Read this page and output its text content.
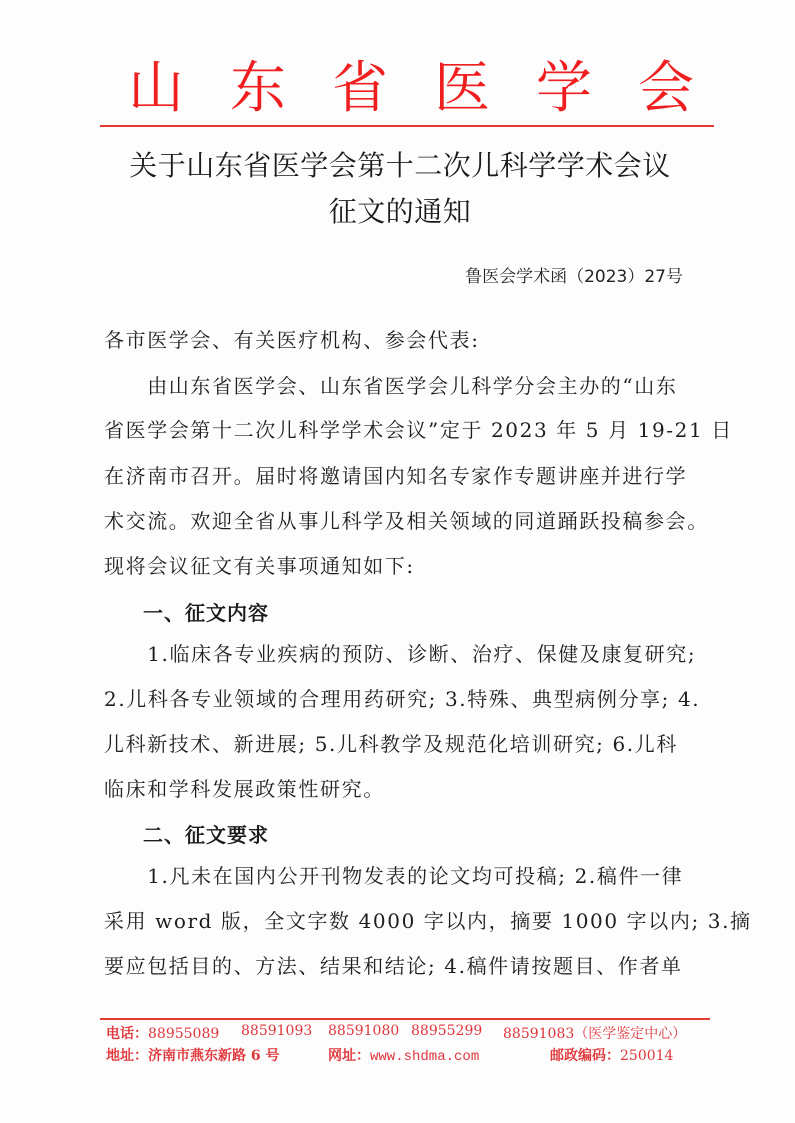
山 东 省 医 学 会
关于山东省医学会第十二次儿科学学术会议
征文的通知
鲁医会学术函（2023）27号
各市医学会、有关医疗机构、参会代表:
　　由山东省医学会、山东省医学会儿科学分会主办的“山东
省医学会第十二次儿科学学术会议”定于 2023 年 5 月 19-21 日
在济南市召开。届时将邀请国内知名专家作专题讲座并进行学
术交流。欢迎全省从事儿科学及相关领域的同道踊跃投稿参会。
现将会议征文有关事项通知如下:
一、征文内容
　　1.临床各专业疾病的预防、诊断、治疗、保健及康复研究;
2.儿科各专业领域的合理用药研究; 3.特殊、典型病例分享; 4.
儿科新技术、新进展; 5.儿科教学及规范化培训研究; 6.儿科
临床和学科发展政策性研究。
二、征文要求
　　1.凡未在国内公开刊物发表的论文均可投稿; 2.稿件一律
采用 word 版，全文字数 4000 字以内，摘要 1000 字以内; 3.摘
要应包括目的、方法、结果和结论; 4.稿件请按题目、作者单
电话：88955089 88591093 88591080 88955299 88591083（医学鉴定中心）
地址：济南市燕东新路 6 号	网址：www.shdma.com	邮政编码：250014
